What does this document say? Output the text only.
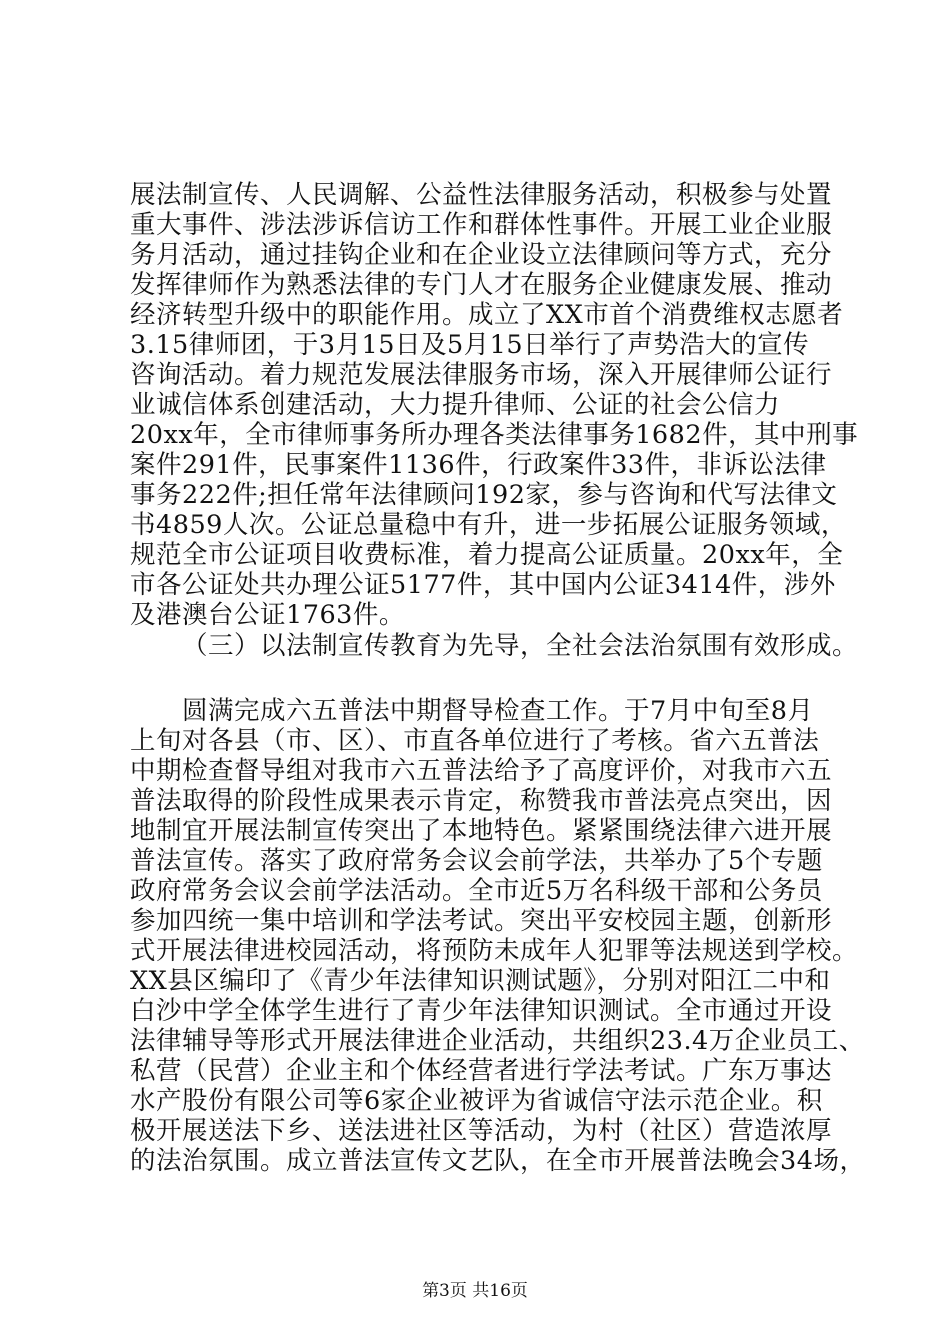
展法制宣传、人民调解、公益性法律服务活动，积极参与处置
重大事件、涉法涉诉信访工作和群体性事件。开展工业企业服
务月活动，通过挂钩企业和在企业设立法律顾问等方式，充分
发挥律师作为熟悉法律的专门人才在服务企业健康发展、推动
经济转型升级中的职能作用。成立了XX市首个消费维权志愿者
3.15律师团，于3月15日及5月15日举行了声势浩大的宣传
咨询活动。着力规范发展法律服务市场，深入开展律师公证行
业诚信体系创建活动，大力提升律师、公证的社会公信力
20xx年，全市律师事务所办理各类法律事务1682件，其中刑事
案件291件，民事案件1136件，行政案件33件，非诉讼法律
事务222件;担任常年法律顾问192家，参与咨询和代写法律文
书4859人次。公证总量稳中有升，进一步拓展公证服务领域，
规范全市公证项目收费标准，着力提高公证质量。20xx年，全
市各公证处共办理公证5177件，其中国内公证3414件，涉外
及港澳台公证1763件。
（三）以法制宣传教育为先导，全社会法治氛围有效形成。
圆满完成六五普法中期督导检查工作。于7月中旬至8月
上旬对各县（市、区）、市直各单位进行了考核。省六五普法
中期检查督导组对我市六五普法给予了高度评价，对我市六五
普法取得的阶段性成果表示肯定，称赞我市普法亮点突出，因
地制宜开展法制宣传突出了本地特色。紧紧围绕法律六进开展
普法宣传。落实了政府常务会议会前学法，共举办了5个专题
政府常务会议会前学法活动。全市近5万名科级干部和公务员
参加四统一集中培训和学法考试。突出平安校园主题，创新形
式开展法律进校园活动，将预防未成年人犯罪等法规送到学校。
XX县区编印了《青少年法律知识测试题》，分别对阳江二中和
白沙中学全体学生进行了青少年法律知识测试。全市通过开设
法律辅导等形式开展法律进企业活动，共组织23.4万企业员工、
私营（民营）企业主和个体经营者进行学法考试。广东万事达
水产股份有限公司等6家企业被评为省诚信守法示范企业。积
极开展送法下乡、送法进社区等活动，为村（社区）营造浓厚
的法治氛围。成立普法宣传文艺队，在全市开展普法晚会34场，
第3页 共16页
